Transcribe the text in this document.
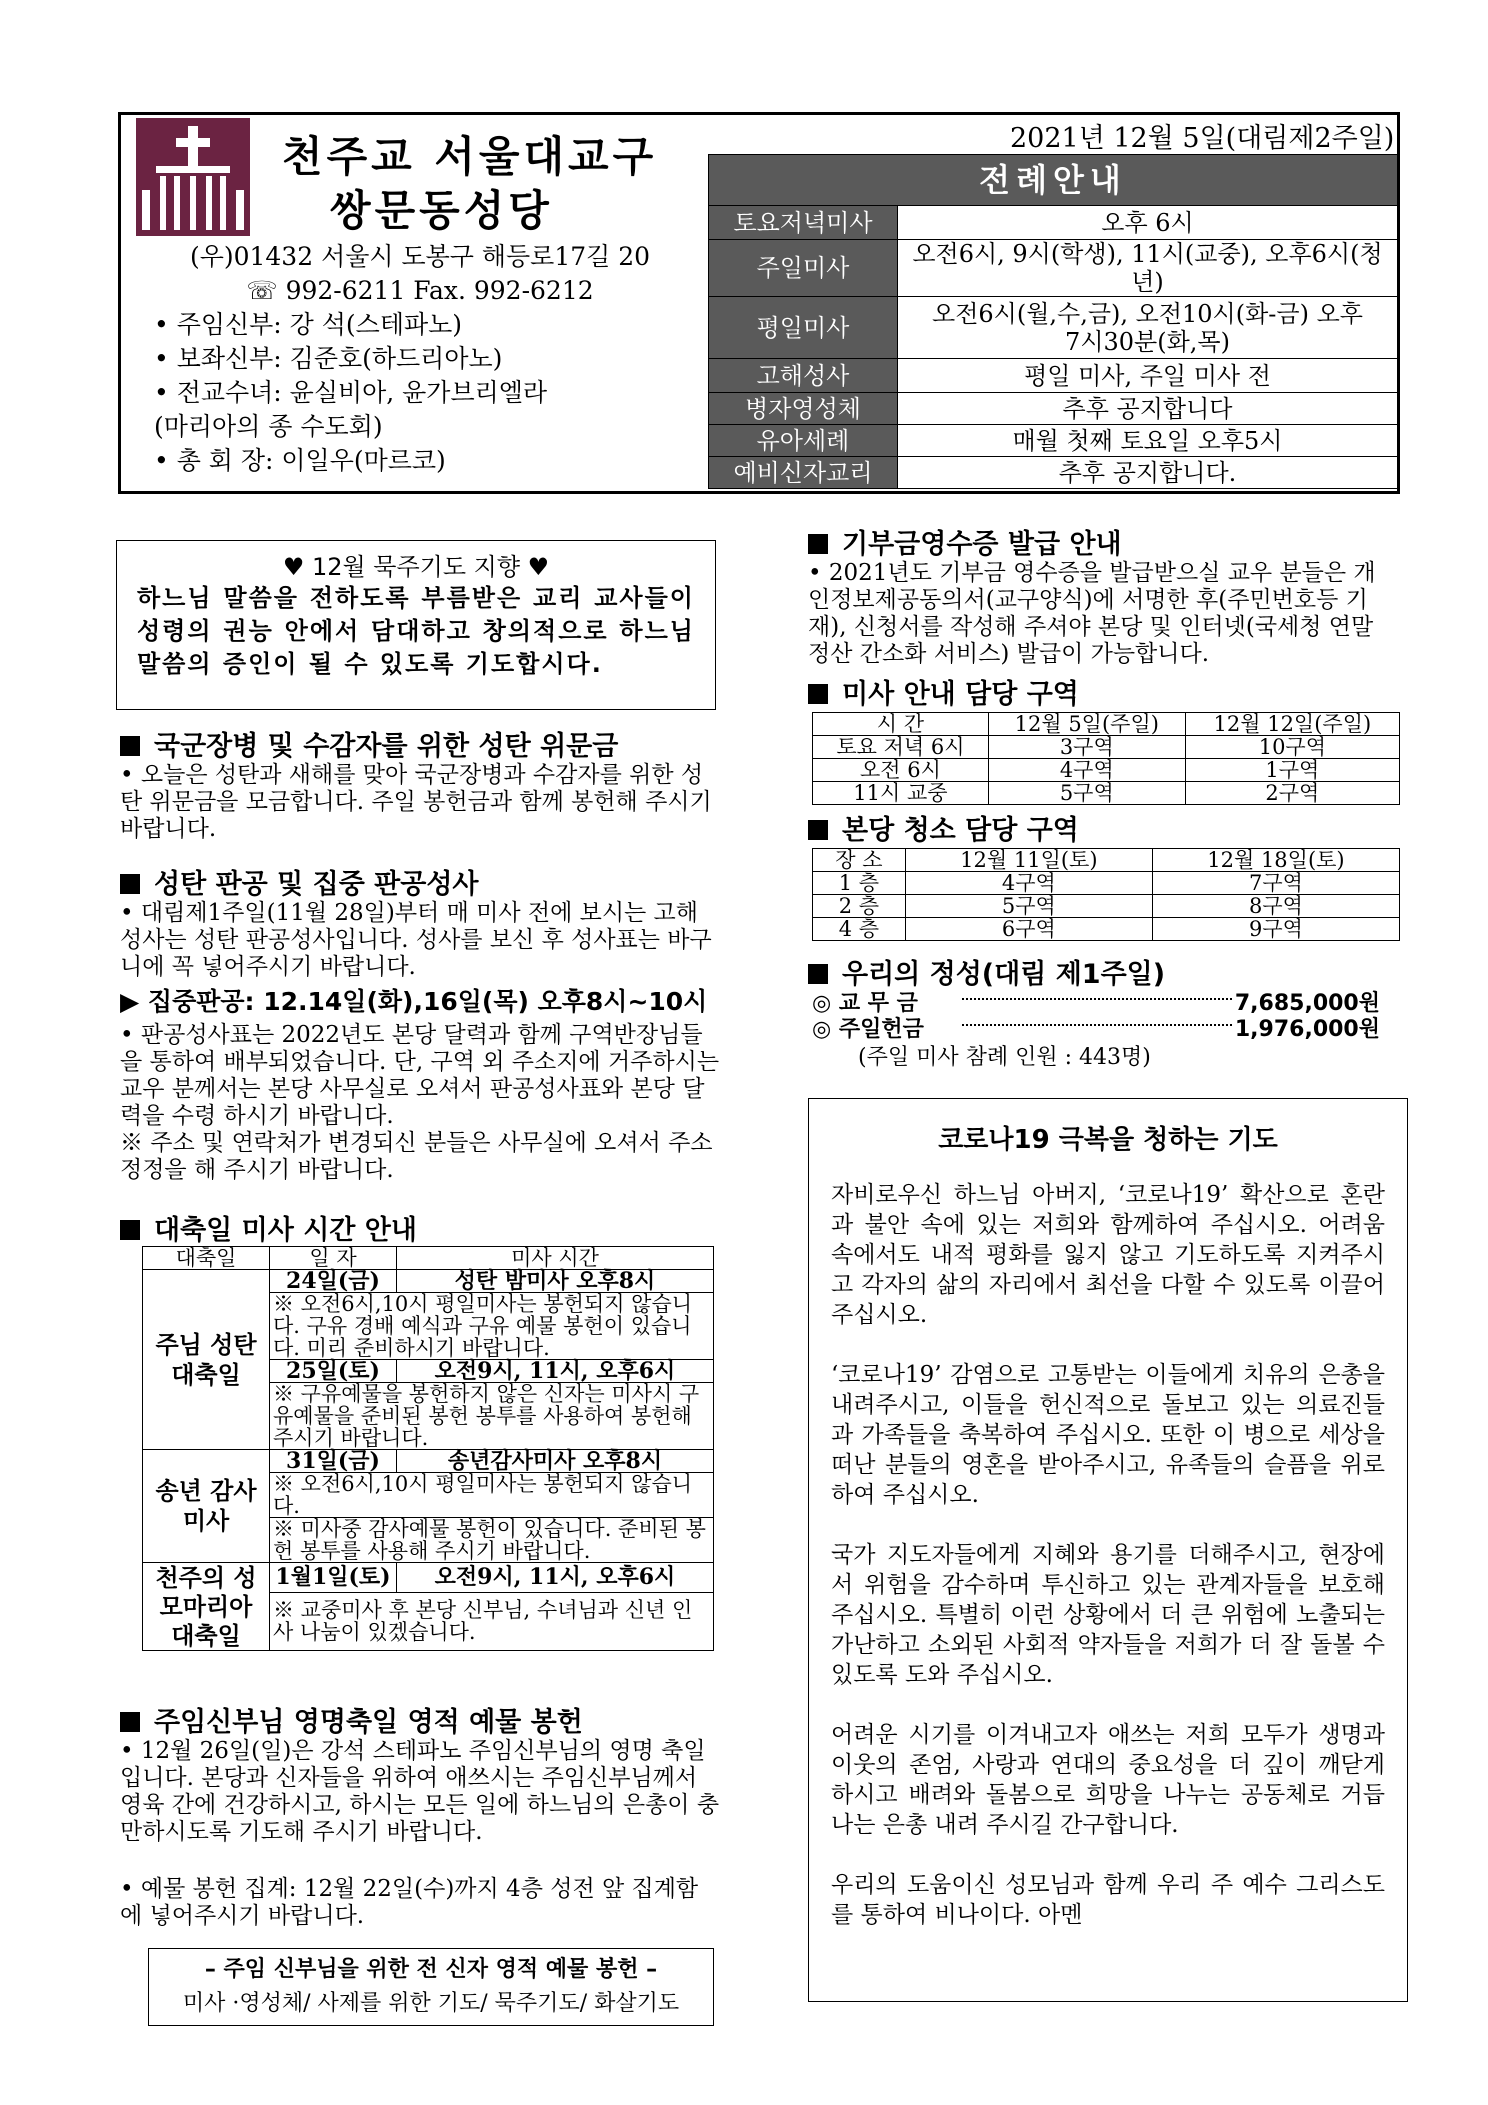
천주교 서울대교구
쌍문동성당
(우)01432 서울시 도봉구 해등로17길 20
☏ 992-6211 Fax. 992-6212
• 주임신부: 강 석(스테파노)
• 보좌신부: 김준호(하드리아노)
• 전교수녀: 윤실비아, 윤가브리엘라
(마리아의 종 수도회)
• 총 회 장: 이일우(마르코)
2021년 12월 5일(대림제2주일)
전례안내	
토요저녁미사	오후 6시
주일미사	오전6시, 9시(학생), 11시(교중), 오후6시(청년)
평일미사	오전6시(월,수,금), 오전10시(화-금) 오후7시30분(화,목)
고해성사	평일 미사, 주일 미사 전
병자영성체	추후 공지합니다
유아세례	매월 첫째 토요일 오후5시
예비신자교리	추후 공지합니다.
♥ 12월 묵주기도 지향 ♥
하느님 말씀을 전하도록 부름받은 교리 교사들이 성령의 권능 안에서 담대하고 창의적으로 하느님 말씀의 증인이 될 수 있도록 기도합시다.
국군장병 및 수감자를 위한 성탄 위문금
• 오늘은 성탄과 새해를 맞아 국군장병과 수감자를 위한 성탄 위문금을 모금합니다. 주일 봉헌금과 함께 봉헌해 주시기 바랍니다.
성탄 판공 및 집중 판공성사
• 대림제1주일(11월 28일)부터 매 미사 전에 보시는 고해성사는 성탄 판공성사입니다. 성사를 보신 후 성사표는 바구니에 꼭 넣어주시기 바랍니다.
▶ 집중판공: 12.14일(화),16일(목) 오후8시~10시
• 판공성사표는 2022년도 본당 달력과 함께 구역반장님들을 통하여 배부되었습니다. 단, 구역 외 주소지에 거주하시는 교우 분께서는 본당 사무실로 오셔서 판공성사표와 본당 달력을 수령 하시기 바랍니다.
※ 주소 및 연락처가 변경되신 분들은 사무실에 오셔서 주소정정을 해 주시기 바랍니다.
대축일 미사 시간 안내
대축일	일 자	미사 시간
주님 성탄 대축일	24일(금)	성탄 밤미사 오후8시
	※ 오전6시,10시 평일미사는 봉헌되지 않습니다. 구유 경배 예식과 구유 예물 봉헌이 있습니다. 미리 준비하시기 바랍니다.	
	25일(토)	오전9시, 11시, 오후6시
	※ 구유예물을 봉헌하지 않은 신자는 미사시 구유예물을 준비된 봉헌 봉투를 사용하여 봉헌해 주시기 바랍니다.	
송년 감사미사	31일(금)	송년감사미사 오후8시
	※ 오전6시,10시 평일미사는 봉헌되지 않습니다.	
	※ 미사중 감사예물 봉헌이 있습니다. 준비된 봉헌 봉투를 사용해 주시기 바랍니다.	
천주의 성모마리아 대축일	1월1일(토)	오전9시, 11시, 오후6시
	※ 교중미사 후 본당 신부님, 수녀님과 신년 인사 나눔이 있겠습니다.	
주임신부님 영명축일 영적 예물 봉헌
• 12월 26일(일)은 강석 스테파노 주임신부님의 영명 축일입니다. 본당과 신자들을 위하여 애쓰시는 주임신부님께서 영육 간에 건강하시고, 하시는 모든 일에 하느님의 은총이 충만하시도록 기도해 주시기 바랍니다.
• 예물 봉헌 집계: 12월 22일(수)까지 4층 성전 앞 집계함에 넣어주시기 바랍니다.
– 주임 신부님을 위한 전 신자 영적 예물 봉헌 –
미사 ·영성체/ 사제를 위한 기도/ 묵주기도/ 화살기도
기부금영수증 발급 안내
• 2021년도 기부금 영수증을 발급받으실 교우 분들은 개인정보제공동의서(교구양식)에 서명한 후(주민번호등 기재), 신청서를 작성해 주셔야 본당 및 인터넷(국세청 연말정산 간소화 서비스) 발급이 가능합니다.
미사 안내 담당 구역
시 간	12월 5일(주일)	12월 12일(주일)
토요 저녁 6시	3구역	10구역
오전 6시	4구역	1구역
11시 교중	5구역	2구역
본당 청소 담당 구역
장 소	12월 11일(토)	12월 18일(토)
1 층	4구역	7구역
2 층	5구역	8구역
4 층	6구역	9구역
우리의 정성(대림 제1주일)
◎ 교 무 금	7,685,000원
◎ 주일헌금	1,976,000원
(주일 미사 참례 인원 : 443명)
코로나19 극복을 청하는 기도

자비로우신 하느님 아버지, ‘코로나19’ 확산으로 혼란과 불안 속에 있는 저희와 함께하여 주십시오. 어려움 속에서도 내적 평화를 잃지 않고 기도하도록 지켜주시고 각자의 삶의 자리에서 최선을 다할 수 있도록 이끌어 주십시오.

‘코로나19’ 감염으로 고통받는 이들에게 치유의 은총을 내려주시고, 이들을 헌신적으로 돌보고 있는 의료진들과 가족들을 축복하여 주십시오. 또한 이 병으로 세상을 떠난 분들의 영혼을 받아주시고, 유족들의 슬픔을 위로하여 주십시오.

국가 지도자들에게 지혜와 용기를 더해주시고, 현장에서 위험을 감수하며 투신하고 있는 관계자들을 보호해 주십시오. 특별히 이런 상황에서 더 큰 위험에 노출되는 가난하고 소외된 사회적 약자들을 저희가 더 잘 돌볼 수 있도록 도와 주십시오.

어려운 시기를 이겨내고자 애쓰는 저희 모두가 생명과 이웃의 존엄, 사랑과 연대의 중요성을 더 깊이 깨닫게 하시고 배려와 돌봄으로 희망을 나누는 공동체로 거듭나는 은총 내려 주시길 간구합니다.

우리의 도움이신 성모님과 함께 우리 주 예수 그리스도를 통하여 비나이다. 아멘
